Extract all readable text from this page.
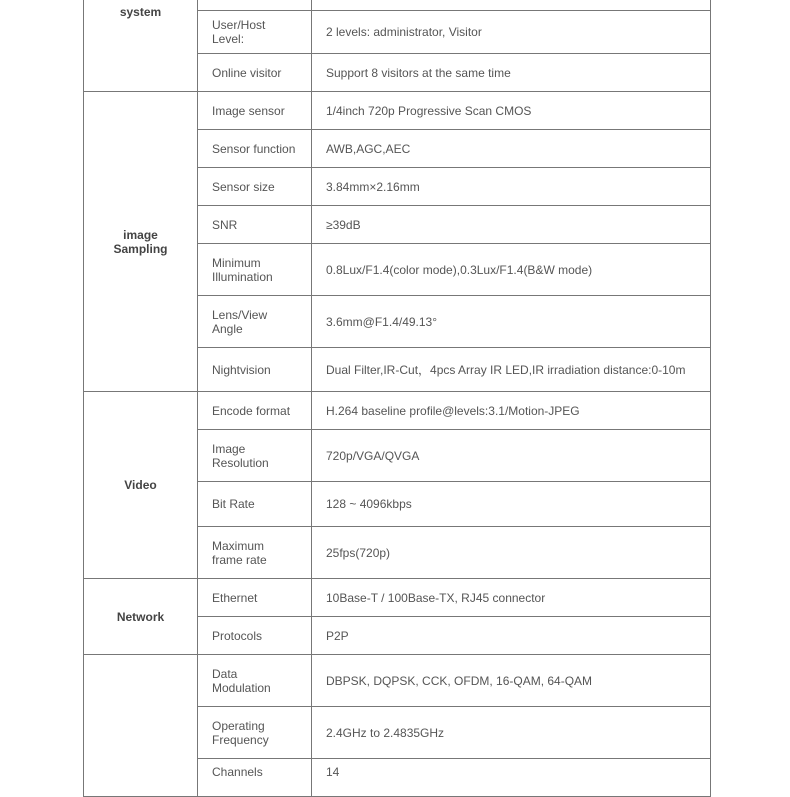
system		
	User/Host Level:	2 levels: administrator, Visitor
	Online visitor	Support 8 visitors at the same time
image Sampling	Image sensor	1/4inch 720p Progressive Scan CMOS
	Sensor function	AWB,AGC,AEC
	Sensor size	3.84mm×2.16mm
	SNR	≥39dB
	Minimum Illumination	0.8Lux/F1.4(color mode),0.3Lux/F1.4(B&W mode)
	Lens/View Angle	3.6mm@F1.4/49.13°
	Nightvision	Dual Filter,IR-Cut，4pcs Array IR LED,IR irradiation distance:0-10m
Video	Encode format	H.264 baseline profile@levels:3.1/Motion-JPEG
	Image Resolution	720p/VGA/QVGA
	Bit Rate	128 ~ 4096kbps
	Maximum frame rate	25fps(720p)
Network	Ethernet	10Base-T / 100Base-TX, RJ45 connector
	Protocols	P2P
	Data Modulation	DBPSK, DQPSK, CCK, OFDM, 16-QAM, 64-QAM
	Operating Frequency	2.4GHz to 2.4835GHz
	Channels	14
